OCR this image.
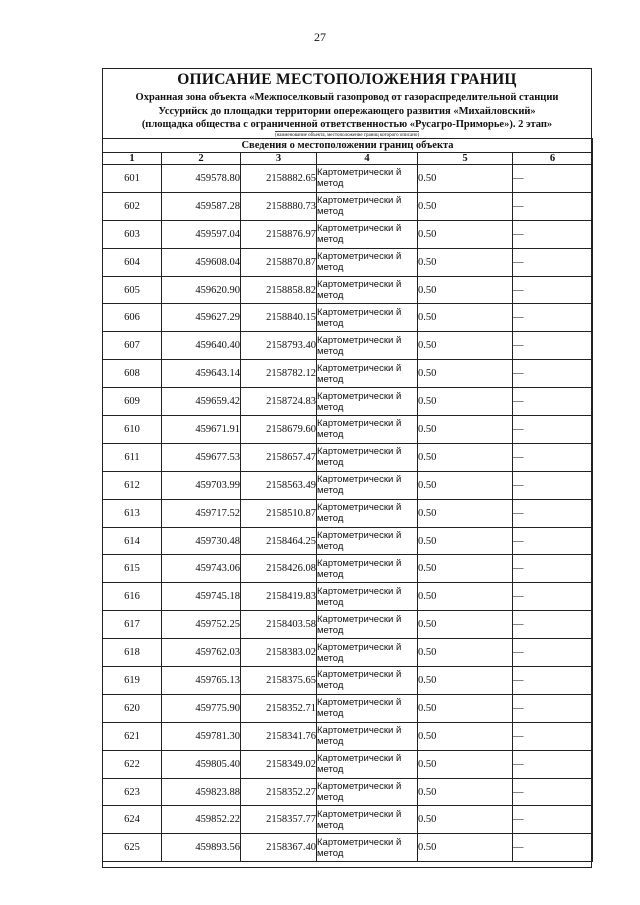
27
ОПИСАНИЕ МЕСТОПОЛОЖЕНИЯ ГРАНИЦ
Охранная зона объекта «Межпоселковый газопровод от газораспределительной станции
Уссурийск до площадки территории опережающего развития «Михайловский»
(площадка общества с ограниченной ответственностью «Русагро-Приморье»). 2 этап»
(наименование объекта, местоположение границ которого описано)
Сведения о местоположении границ объекта					
1	2	3	4	5	6
601	459578.80	2158882.65	Картометрически й метод	0.50	—
602	459587.28	2158880.73	Картометрически й метод	0.50	—
603	459597.04	2158876.97	Картометрически й метод	0.50	—
604	459608.04	2158870.87	Картометрически й метод	0.50	—
605	459620.90	2158858.82	Картометрически й метод	0.50	—
606	459627.29	2158840.15	Картометрически й метод	0.50	—
607	459640.40	2158793.40	Картометрически й метод	0.50	—
608	459643.14	2158782.12	Картометрически й метод	0.50	—
609	459659.42	2158724.83	Картометрически й метод	0.50	—
610	459671.91	2158679.60	Картометрически й метод	0.50	—
611	459677.53	2158657.47	Картометрически й метод	0.50	—
612	459703.99	2158563.49	Картометрически й метод	0.50	—
613	459717.52	2158510.87	Картометрически й метод	0.50	—
614	459730.48	2158464.25	Картометрически й метод	0.50	—
615	459743.06	2158426.08	Картометрически й метод	0.50	—
616	459745.18	2158419.83	Картометрически й метод	0.50	—
617	459752.25	2158403.58	Картометрически й метод	0.50	—
618	459762.03	2158383.02	Картометрически й метод	0.50	—
619	459765.13	2158375.65	Картометрически й метод	0.50	—
620	459775.90	2158352.71	Картометрически й метод	0.50	—
621	459781.30	2158341.76	Картометрически й метод	0.50	—
622	459805.40	2158349.02	Картометрически й метод	0.50	—
623	459823.88	2158352.27	Картометрически й метод	0.50	—
624	459852.22	2158357.77	Картометрически й метод	0.50	—
625	459893.56	2158367.40	Картометрически й метод	0.50	—
